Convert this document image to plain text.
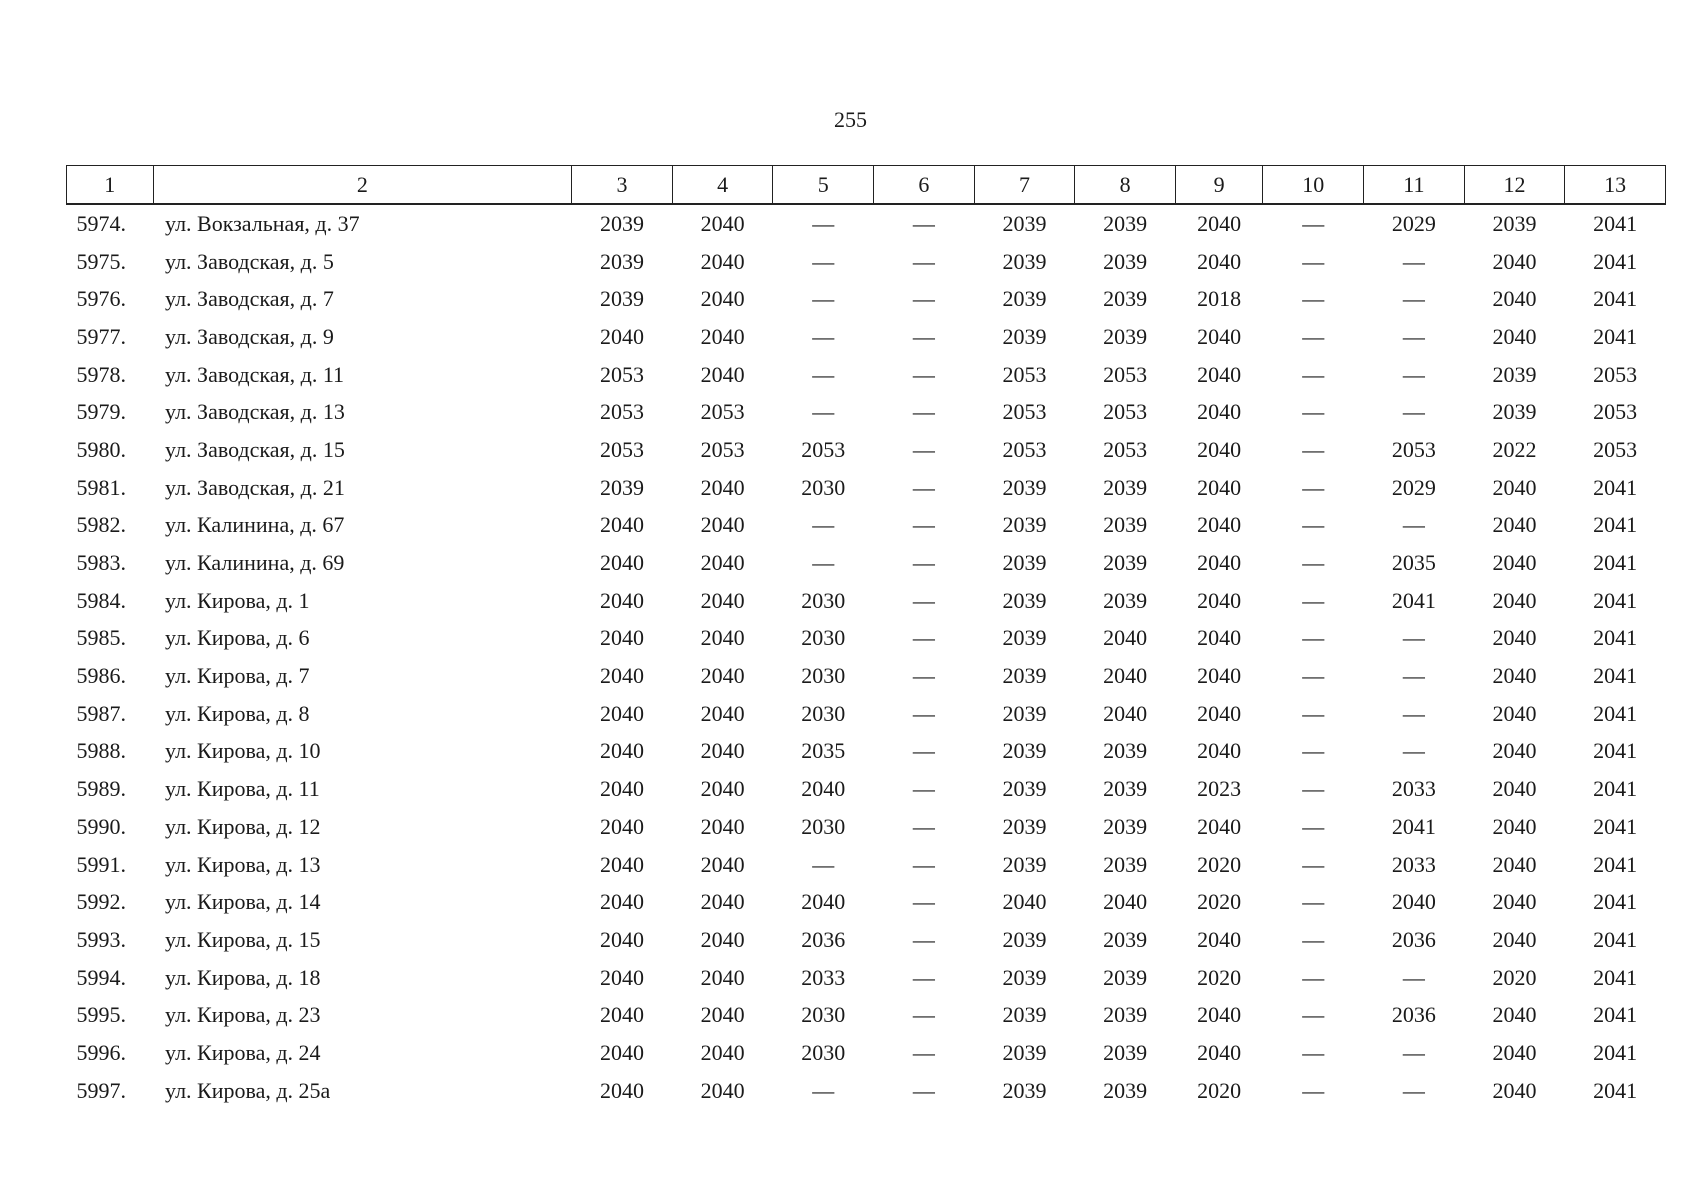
255
1	2	3	4	5	6	7	8	9	10	11	12	13
5974.	ул. Вокзальная, д. 37	2039	2040	—	—	2039	2039	2040	—	2029	2039	2041
5975.	ул. Заводская, д. 5	2039	2040	—	—	2039	2039	2040	—	—	2040	2041
5976.	ул. Заводская, д. 7	2039	2040	—	—	2039	2039	2018	—	—	2040	2041
5977.	ул. Заводская, д. 9	2040	2040	—	—	2039	2039	2040	—	—	2040	2041
5978.	ул. Заводская, д. 11	2053	2040	—	—	2053	2053	2040	—	—	2039	2053
5979.	ул. Заводская, д. 13	2053	2053	—	—	2053	2053	2040	—	—	2039	2053
5980.	ул. Заводская, д. 15	2053	2053	2053	—	2053	2053	2040	—	2053	2022	2053
5981.	ул. Заводская, д. 21	2039	2040	2030	—	2039	2039	2040	—	2029	2040	2041
5982.	ул. Калинина, д. 67	2040	2040	—	—	2039	2039	2040	—	—	2040	2041
5983.	ул. Калинина, д. 69	2040	2040	—	—	2039	2039	2040	—	2035	2040	2041
5984.	ул. Кирова, д. 1	2040	2040	2030	—	2039	2039	2040	—	2041	2040	2041
5985.	ул. Кирова, д. 6	2040	2040	2030	—	2039	2040	2040	—	—	2040	2041
5986.	ул. Кирова, д. 7	2040	2040	2030	—	2039	2040	2040	—	—	2040	2041
5987.	ул. Кирова, д. 8	2040	2040	2030	—	2039	2040	2040	—	—	2040	2041
5988.	ул. Кирова, д. 10	2040	2040	2035	—	2039	2039	2040	—	—	2040	2041
5989.	ул. Кирова, д. 11	2040	2040	2040	—	2039	2039	2023	—	2033	2040	2041
5990.	ул. Кирова, д. 12	2040	2040	2030	—	2039	2039	2040	—	2041	2040	2041
5991.	ул. Кирова, д. 13	2040	2040	—	—	2039	2039	2020	—	2033	2040	2041
5992.	ул. Кирова, д. 14	2040	2040	2040	—	2040	2040	2020	—	2040	2040	2041
5993.	ул. Кирова, д. 15	2040	2040	2036	—	2039	2039	2040	—	2036	2040	2041
5994.	ул. Кирова, д. 18	2040	2040	2033	—	2039	2039	2020	—	—	2020	2041
5995.	ул. Кирова, д. 23	2040	2040	2030	—	2039	2039	2040	—	2036	2040	2041
5996.	ул. Кирова, д. 24	2040	2040	2030	—	2039	2039	2040	—	—	2040	2041
5997.	ул. Кирова, д. 25а	2040	2040	—	—	2039	2039	2020	—	—	2040	2041
